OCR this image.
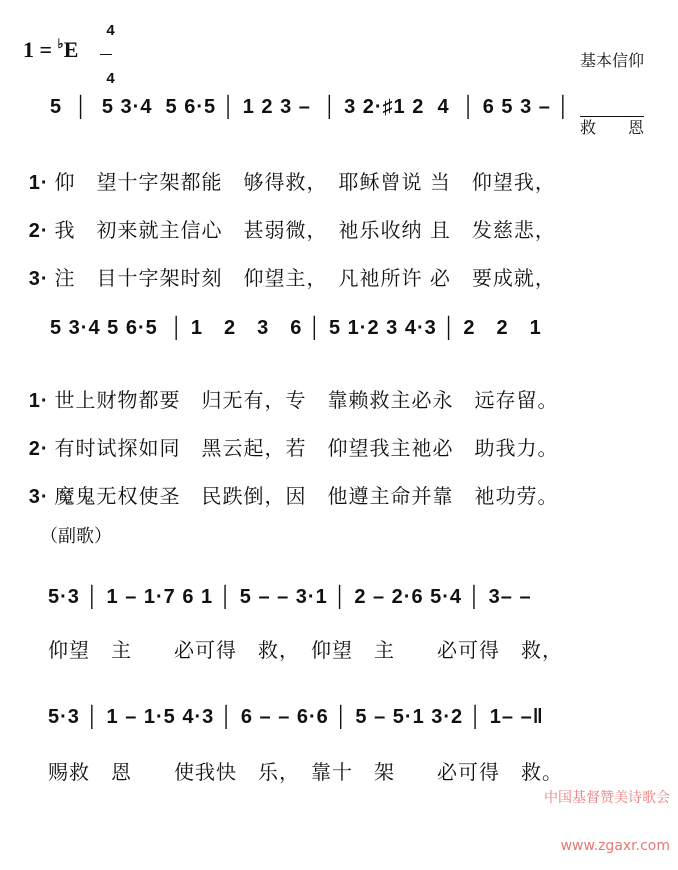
1 = ♭E

4

4

基本信仰

救　　恩

5  │  5 3·4  5 6·5 │ 1 2 3 –  │ 3 2·♯1 2  4  │ 6 5 3 – │

1· 仰　望十字架都能　够得救，　耶稣曾说 当　仰望我，

2· 我　初来就主信心　甚弱微，　祂乐收纳 且　发慈悲，

3· 注　目十字架时刻　仰望主，　凡祂所许 必　要成就，

5 3·4 5 6·5  │ 1　2　3　6 │ 5 1·2 3 4·3 │ 2　2　1

1· 世上财物都要　归无有，专　靠赖救主必永　远存留。

2· 有时试探如同　黑云起，若　仰望我主祂必　助我力。

3· 魔鬼无权使圣　民跌倒，因　他遵主命并靠　祂功劳。

（副歌）
5·3 │ 1 – 1·7 6 1 │ 5 – – 3·1 │ 2 – 2·6 5·4 │ 3– –
仰望　主　　必可得　救，　仰望　主　　必可得　救，
5·3 │ 1 – 1·5 4·3 │ 6 – – 6·6 │ 5 – 5·1 3·2 │ 1– –‖
赐救　恩　　使我快　乐，　靠十　架　　必可得　救。

中国基督赞美诗歌会

www.zgaxr.com
